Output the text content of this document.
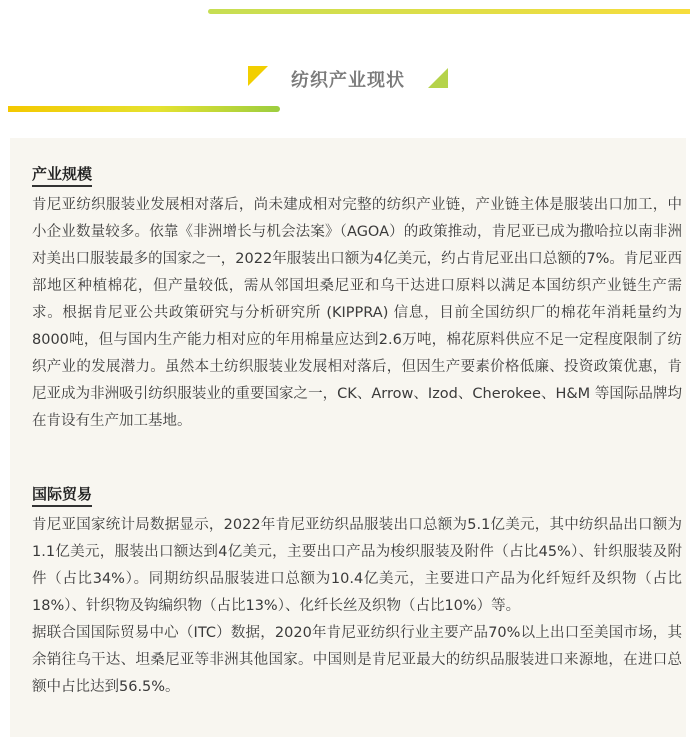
纺织产业现状
产业规模

肯尼亚纺织服装业发展相对落后，尚未建成相对完整的纺织产业链，产业链主体是服装出口加工，中小企业数量较多。依靠《非洲增长与机会法案》（AGOA）的政策推动，肯尼亚已成为撒哈拉以南非洲对美出口服装最多的国家之一，2022年服装出口额为4亿美元，约占肯尼亚出口总额的7%。肯尼亚西部地区种植棉花，但产量较低，需从邻国坦桑尼亚和乌干达进口原料以满足本国纺织产业链生产需求。根据肯尼亚公共政策研究与分析研究所 (KIPPRA) 信息，目前全国纺织厂的棉花年消耗量约为8000吨，但与国内生产能力相对应的年用棉量应达到2.6万吨，棉花原料供应不足一定程度限制了纺织产业的发展潜力。虽然本土纺织服装业发展相对落后，但因生产要素价格低廉、投资政策优惠，肯尼亚成为非洲吸引纺织服装业的重要国家之一，CK、Arrow、Izod、Cherokee、H&M 等国际品牌均在肯设有生产加工基地。

国际贸易

肯尼亚国家统计局数据显示，2022年肯尼亚纺织品服装出口总额为5.1亿美元，其中纺织品出口额为1.1亿美元，服装出口额达到4亿美元，主要出口产品为梭织服装及附件（占比45%）、针织服装及附件（占比34%）。同期纺织品服装进口总额为10.4亿美元，主要进口产品为化纤短纤及织物（占比18%）、针织物及钩编织物（占比13%）、化纤长丝及织物（占比10%）等。

据联合国国际贸易中心（ITC）数据，2020年肯尼亚纺织行业主要产品70%以上出口至美国市场，其余销往乌干达、坦桑尼亚等非洲其他国家。中国则是肯尼亚最大的纺织品服装进口来源地，在进口总额中占比达到56.5%。
